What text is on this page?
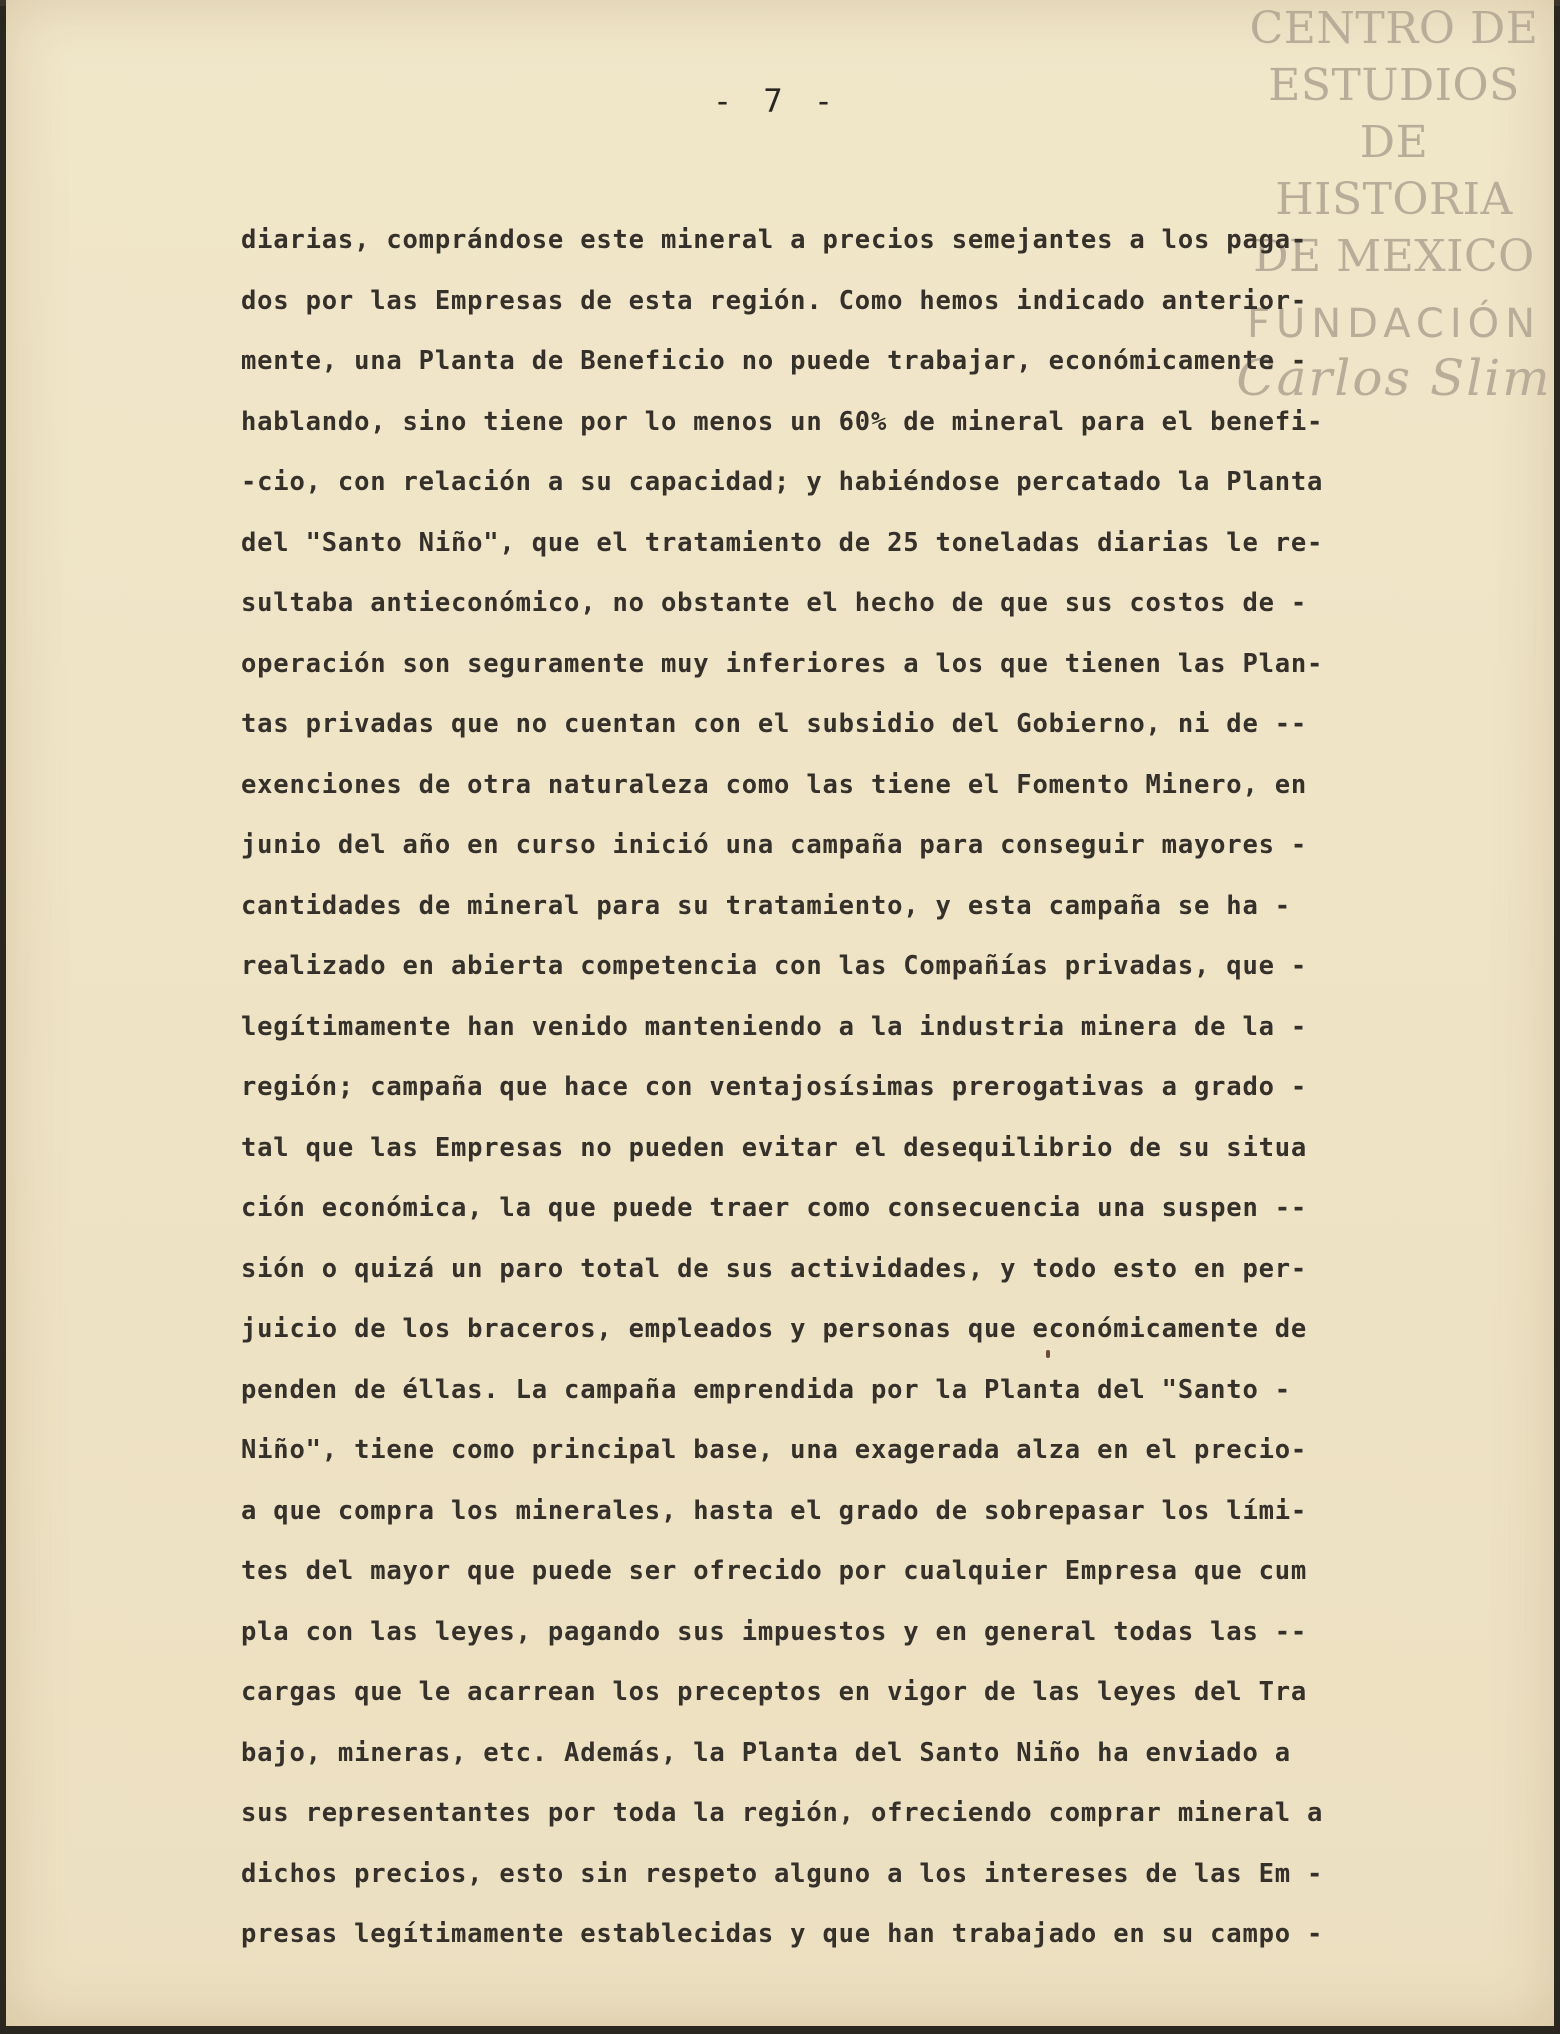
CENTRO DE
ESTUDIOS
DE HISTORIA
DE MEXICO
FUNDACIÓN
Carlos Slim
- 7 -
diarias, comprándose este mineral a precios semejantes a los paga-
dos por las Empresas de esta región. Como hemos indicado anterior-
mente, una Planta de Beneficio no puede trabajar, económicamente -
hablando, sino tiene por lo menos un 60% de mineral para el benefi-
-cio, con relación a su capacidad; y habiéndose percatado la Planta
del "Santo Niño", que el tratamiento de 25 toneladas diarias le re-
sultaba antieconómico, no obstante el hecho de que sus costos de -
operación son seguramente muy inferiores a los que tienen las Plan-
tas privadas que no cuentan con el subsidio del Gobierno, ni de --
exenciones de otra naturaleza como las tiene el Fomento Minero, en
junio del año en curso inició una campaña para conseguir mayores -
cantidades de mineral para su tratamiento, y esta campaña se ha -
realizado en abierta competencia con las Compañías privadas, que -
legítimamente han venido manteniendo a la industria minera de la -
región; campaña que hace con ventajosísimas prerogativas a grado -
tal que las Empresas no pueden evitar el desequilibrio de su situa
ción económica, la que puede traer como consecuencia una suspen --
sión o quizá un paro total de sus actividades, y todo esto en per-
juicio de los braceros, empleados y personas que económicamente de
penden de éllas. La campaña emprendida por la Planta del "Santo -
Niño", tiene como principal base, una exagerada alza en el precio-
a que compra los minerales, hasta el grado de sobrepasar los lími-
tes del mayor que puede ser ofrecido por cualquier Empresa que cum
pla con las leyes, pagando sus impuestos y en general todas las --
cargas que le acarrean los preceptos en vigor de las leyes del Tra
bajo, mineras, etc. Además, la Planta del Santo Niño ha enviado a
sus representantes por toda la región, ofreciendo comprar mineral a
dichos precios, esto sin respeto alguno a los intereses de las Em -
presas legítimamente establecidas y que han trabajado en su campo -
